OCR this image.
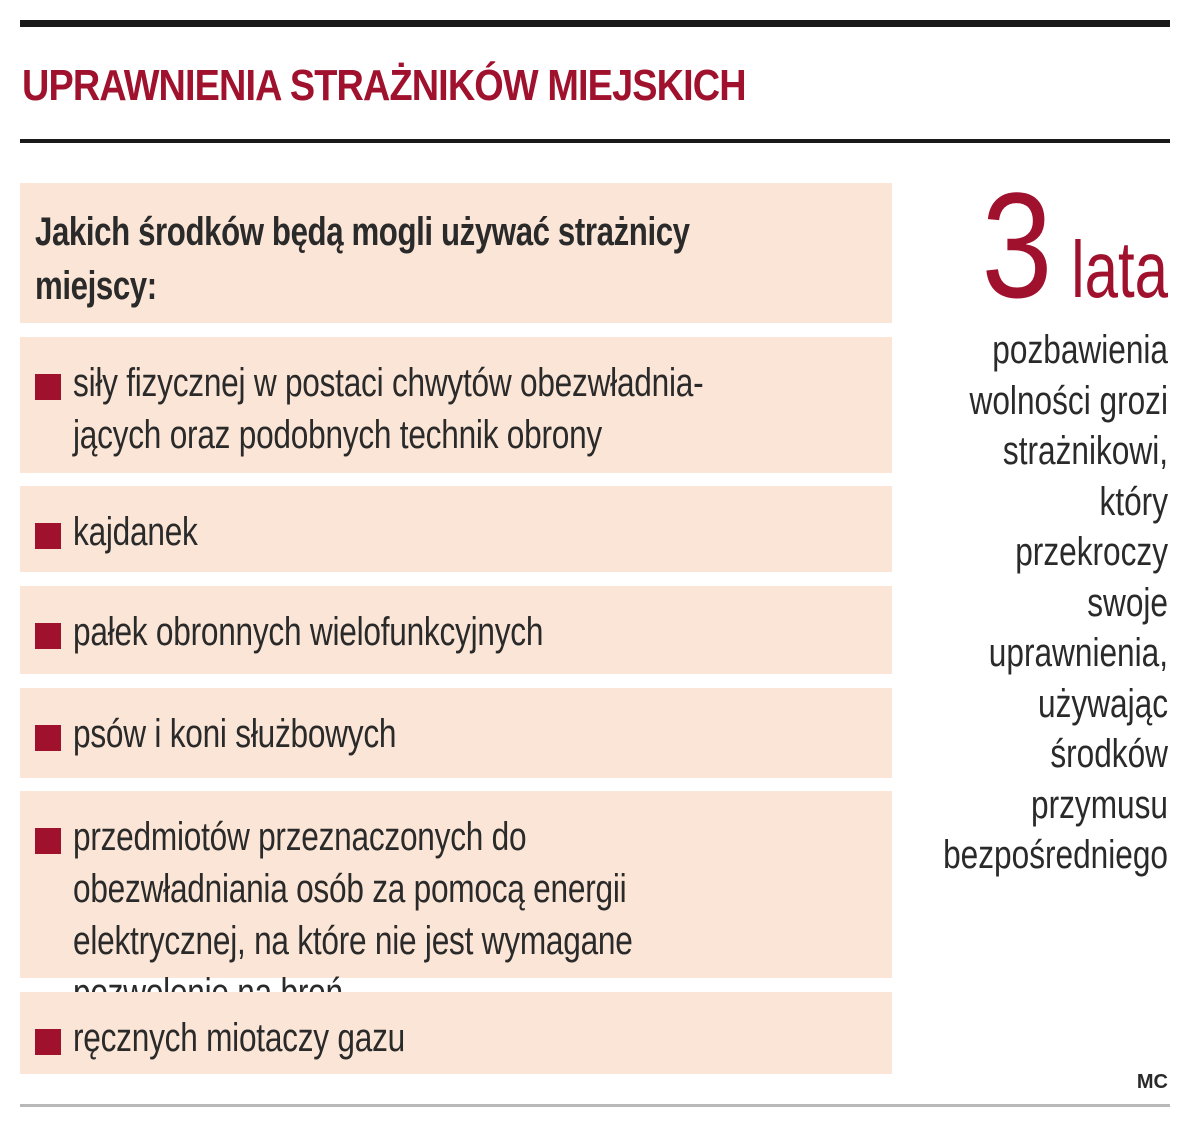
UPRAWNIENIA STRAŻNIKÓW MIEJSKICH
Jakich środków będą mogli używać strażnicy miejscy:
siły fizycznej w postaci chwytów obezwładnia-jących oraz podobnych technik obrony
kajdanek
pałek obronnych wielofunkcyjnych
psów i koni służbowych
przedmiotów przeznaczonych do obezwładniania osób za pomocą energii elektrycznej, na które nie jest wymagane
ręcznych miotaczy gazu
3 lata
pozbawienia
wolności grozi
strażnikowi,
który
przekroczy
swoje
uprawnienia,
używając
środków
przymusu
bezpośredniego
MC
